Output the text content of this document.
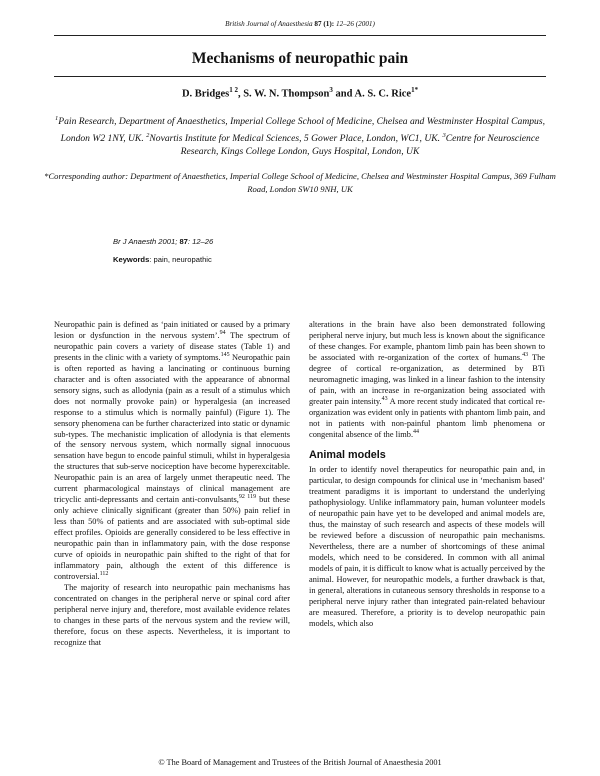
British Journal of Anaesthesia 87 (1): 12–26 (2001)
Mechanisms of neuropathic pain
D. Bridges$^{1 2}$, S. W. N. Thompson$^3$ and A. S. C. Rice$^{1*}$
$^1$Pain Research, Department of Anaesthetics, Imperial College School of Medicine, Chelsea and Westminster Hospital Campus, London W2 1NY, UK. $^2$Novartis Institute for Medical Sciences, 5 Gower Place, London, WC1, UK. $^3$Centre for Neuroscience Research, Kings College London, Guys Hospital, London, UK
*Corresponding author: Department of Anaesthetics, Imperial College School of Medicine, Chelsea and Westminster Hospital Campus, 369 Fulham Road, London SW10 9NH, UK
Br J Anaesth 2001; 87: 12–26
Keywords: pain, neuropathic

Neuropathic pain is defined as ‘pain initiated or caused by a primary lesion or dysfunction in the nervous system’.$^{94}$ The spectrum of neuropathic pain covers a variety of disease states (Table 1) and presents in the clinic with a variety of symptoms.$^{145}$ Neuropathic pain is often reported as having a lancinating or continuous burning character and is often associated with the appearance of abnormal sensory signs, such as allodynia (pain as a result of a stimulus which does not normally provoke pain) or hyperalgesia (an increased response to a stimulus which is normally painful) (Figure 1). The sensory phenomena can be further characterized into static or dynamic sub-types. The mechanistic implication of allodynia is that elements of the sensory nervous system, which normally signal innocuous sensation have begun to encode painful stimuli, whilst in hyperalgesia the structures that sub-serve nociception have become hyperexcitable. Neuropathic pain is an area of largely unmet therapeutic need. The current pharmacological mainstays of clinical management are tricyclic anti-depressants and certain anti-convulsants,$^{92 119}$ but these only achieve clinically significant (greater than 50%) pain relief in less than 50% of patients and are associated with sub-optimal side effect profiles. Opioids are generally considered to be less effective in neuropathic pain than in inflammatory pain, with the dose response curve of opioids in neuropathic pain shifted to the right of that for inflammatory pain, although the extent of this difference is controversial.$^{112}$

The majority of research into neuropathic pain mechanisms has concentrated on changes in the peripheral nerve or spinal cord after peripheral nerve injury and, therefore, most available evidence relates to changes in these parts of the nervous system and the review will, therefore, focus on these aspects. Nevertheless, it is important to recognize that

alterations in the brain have also been demonstrated following peripheral nerve injury, but much less is known about the significance of these changes. For example, phantom limb pain has been shown to be associated with re-organization of the cortex of humans.$^{43}$ The degree of cortical re-organization, as determined by BTi neuromagnetic imaging, was linked in a linear fashion to the intensity of pain, with an increase in re-organization being associated with greater pain intensity.$^{43}$ A more recent study indicated that cortical re-organization was evident only in patients with phantom limb pain, and not in patients with non-painful phantom limb phenomena or congenital absence of the limb.$^{44}$

Animal models

In order to identify novel therapeutics for neuropathic pain and, in particular, to design compounds for clinical use in ‘mechanism based’ treatment paradigms it is important to understand the underlying pathophysiology. Unlike inflammatory pain, human volunteer models of neuropathic pain have yet to be developed and animal models are, thus, the mainstay of such research and aspects of these models will be reviewed before a discussion of neuropathic pain mechanisms. Nevertheless, there are a number of shortcomings of these animal models, which need to be considered. In common with all animal models of pain, it is difficult to know what is actually perceived by the animal. However, for neuropathic models, a further drawback is that, in general, alterations in cutaneous sensory thresholds in response to a peripheral nerve injury rather than integrated pain-related behaviour are measured. Therefore, a priority is to develop neuropathic pain models, which also

© The Board of Management and Trustees of the British Journal of Anaesthesia 2001
